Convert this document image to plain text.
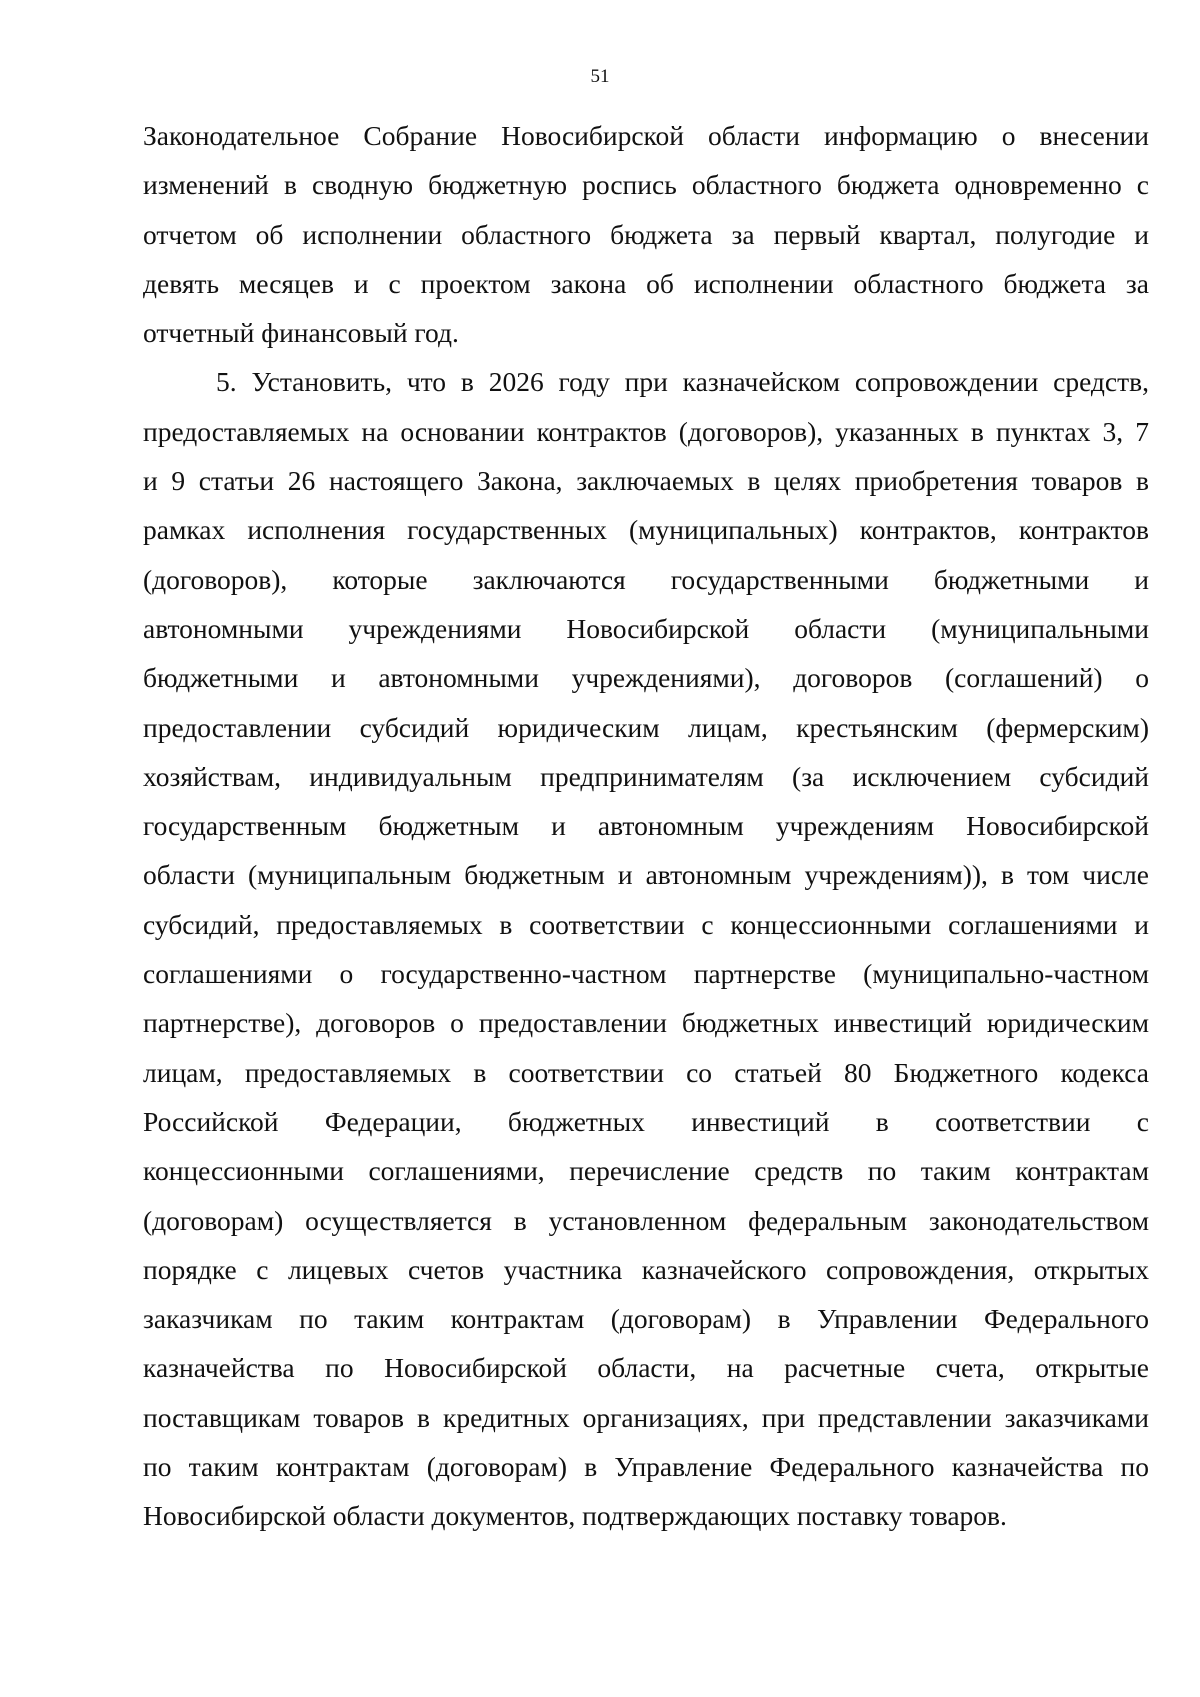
51
Законодательное Собрание Новосибирской области информацию о внесении
изменений в сводную бюджетную роспись областного бюджета одновременно с
отчетом об исполнении областного бюджета за первый квартал, полугодие и
девять месяцев и с проектом закона об исполнении областного бюджета за
отчетный финансовый год.
5. Установить, что в 2026 году при казначейском сопровождении средств,
предоставляемых на основании контрактов (договоров), указанных в пунктах 3, 7
и 9 статьи 26 настоящего Закона, заключаемых в целях приобретения товаров в
рамках исполнения государственных (муниципальных) контрактов, контрактов
(договоров), которые заключаются государственными бюджетными и
автономными учреждениями Новосибирской области (муниципальными
бюджетными и автономными учреждениями), договоров (соглашений) о
предоставлении субсидий юридическим лицам, крестьянским (фермерским)
хозяйствам, индивидуальным предпринимателям (за исключением субсидий
государственным бюджетным и автономным учреждениям Новосибирской
области (муниципальным бюджетным и автономным учреждениям)), в том числе
субсидий, предоставляемых в соответствии с концессионными соглашениями и
соглашениями о государственно-частном партнерстве (муниципально-частном
партнерстве), договоров о предоставлении бюджетных инвестиций юридическим
лицам, предоставляемых в соответствии со статьей 80 Бюджетного кодекса
Российской Федерации, бюджетных инвестиций в соответствии с
концессионными соглашениями, перечисление средств по таким контрактам
(договорам) осуществляется в установленном федеральным законодательством
порядке с лицевых счетов участника казначейского сопровождения, открытых
заказчикам по таким контрактам (договорам) в Управлении Федерального
казначейства по Новосибирской области, на расчетные счета, открытые
поставщикам товаров в кредитных организациях, при представлении заказчиками
по таким контрактам (договорам) в Управление Федерального казначейства по
Новосибирской области документов, подтверждающих поставку товаров.
